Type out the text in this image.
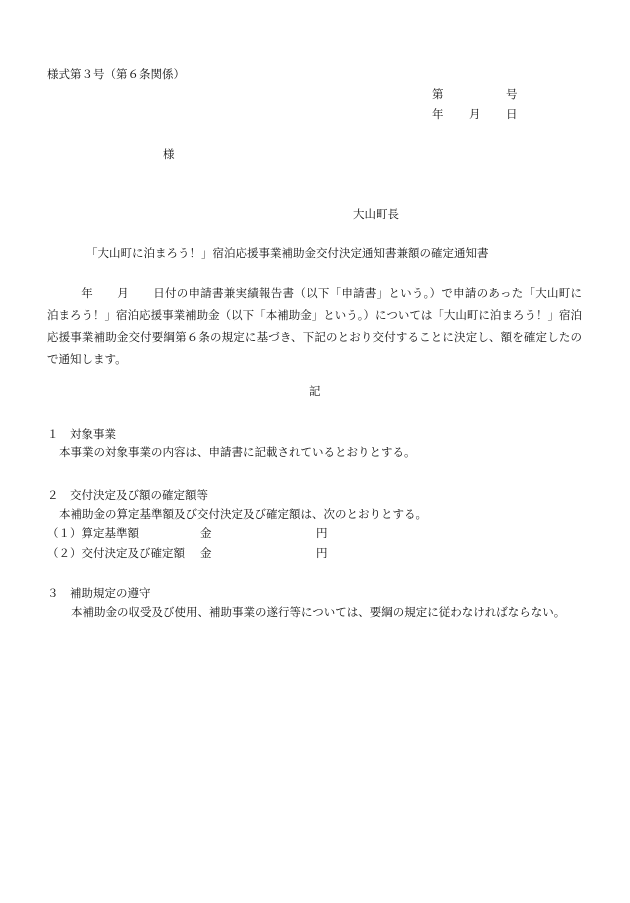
様式第３号（第６条関係）
第	号
年 月 日
様
大山町長
「大山町に泊まろう！」宿泊応援事業補助金交付決定通知書兼額の確定通知書
年 月 日付の申請書兼実績報告書（以下「申請書」という。）で申請のあった「大山町に泊まろう！」宿泊応援事業補助金（以下「本補助金」という。）については「大山町に泊まろう！」宿泊応援事業補助金交付要綱第６条の規定に基づき、下記のとおり交付することに決定し、額を確定したので通知します。
記
１　対象事業
本事業の対象事業の内容は、申請書に記載されているとおりとする。
２　交付決定及び額の確定額等
本補助金の算定基準額及び交付決定及び確定額は、次のとおりとする。
（１）算定基準額	金	円
（２）交付決定及び確定額 金	円
３　補助規定の遵守
本補助金の収受及び使用、補助事業の遂行等については、要綱の規定に従わなければならない。
